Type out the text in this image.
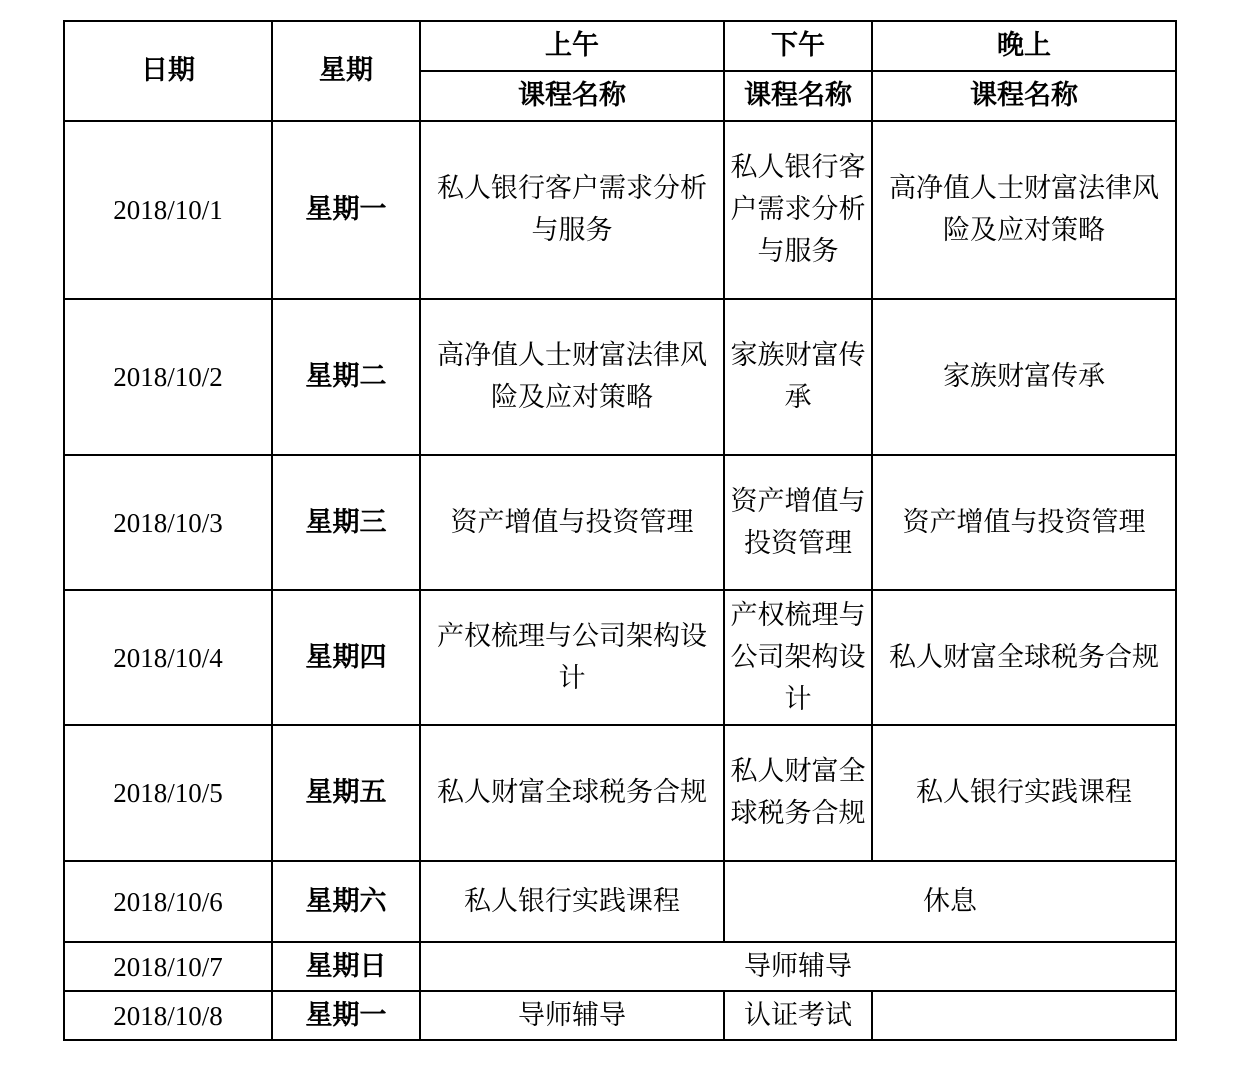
日期	星期	上午	下午	晚上
		课程名称	课程名称	课程名称
2018/10/1	星期一	私人银行客户需求分析与服务	私人银行客户需求分析与服务	高净值人士财富法律风险及应对策略
2018/10/2	星期二	高净值人士财富法律风险及应对策略	家族财富传承	家族财富传承
2018/10/3	星期三	资产增值与投资管理	资产增值与投资管理	资产增值与投资管理
2018/10/4	星期四	产权梳理与公司架构设计	产权梳理与公司架构设计	私人财富全球税务合规
2018/10/5	星期五	私人财富全球税务合规	私人财富全球税务合规	私人银行实践课程
2018/10/6	星期六	私人银行实践课程	休息	
2018/10/7	星期日	导师辅导		
2018/10/8	星期一	导师辅导	认证考试	
